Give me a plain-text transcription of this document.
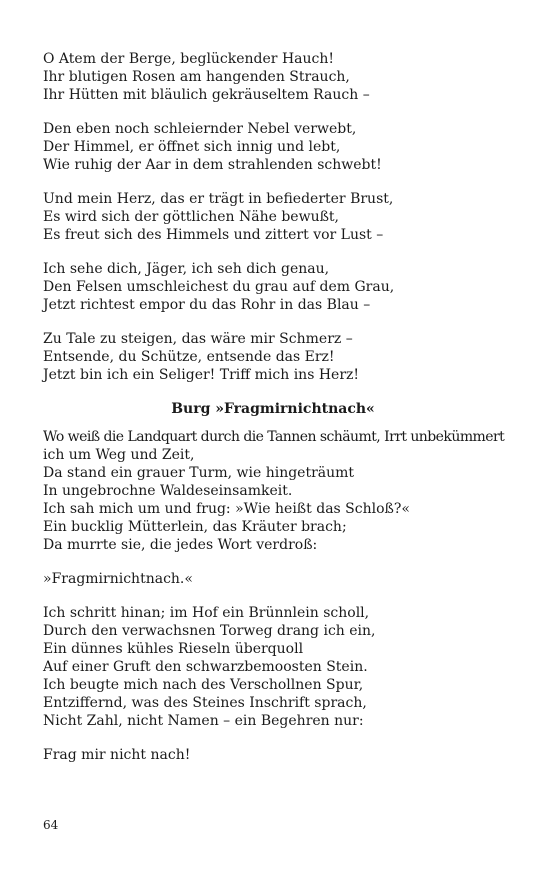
O Atem der Berge, beglückender Hauch!
Ihr blutigen Rosen am hangenden Strauch,
Ihr Hütten mit bläulich gekräuseltem Rauch –
Den eben noch schleiernder Nebel verwebt,
Der Himmel, er öffnet sich innig und lebt,
Wie ruhig der Aar in dem strahlenden schwebt!
Und mein Herz, das er trägt in befiederter Brust,
Es wird sich der göttlichen Nähe bewußt,
Es freut sich des Himmels und zittert vor Lust –
Ich sehe dich, Jäger, ich seh dich genau,
Den Felsen umschleichest du grau auf dem Grau,
Jetzt richtest empor du das Rohr in das Blau –
Zu Tale zu steigen, das wäre mir Schmerz –
Entsende, du Schütze, entsende das Erz!
Jetzt bin ich ein Seliger! Triff mich ins Herz!
Burg »Fragmirnichtnach«
Wo weiß die Landquart durch die Tannen schäumt, Irrt unbekümmert
ich um Weg und Zeit,
Da stand ein grauer Turm, wie hingeträumt
In ungebrochne Waldeseinsamkeit.
Ich sah mich um und frug: »Wie heißt das Schloß?«
Ein bucklig Mütterlein, das Kräuter brach;
Da murrte sie, die jedes Wort verdroß:
»Fragmirnichtnach.«
Ich schritt hinan; im Hof ein Brünnlein scholl,
Durch den verwachsnen Torweg drang ich ein,
Ein dünnes kühles Rieseln überquoll
Auf einer Gruft den schwarzbemoosten Stein.
Ich beugte mich nach des Verschollnen Spur,
Entziffernd, was des Steines Inschrift sprach,
Nicht Zahl, nicht Namen – ein Begehren nur:
Frag mir nicht nach!
64
